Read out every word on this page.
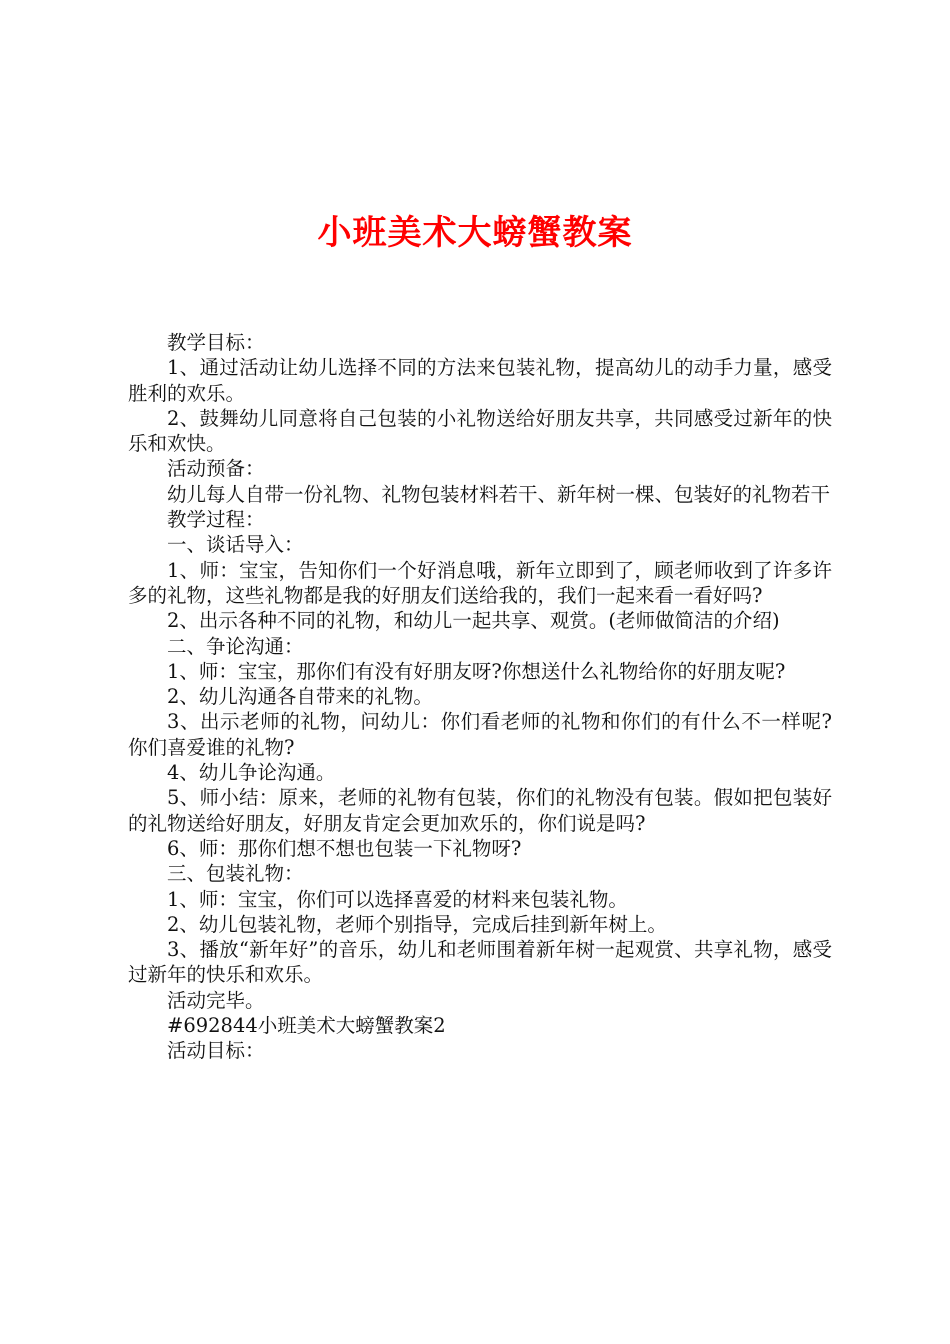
小班美术大螃蟹教案

教学目标：

1、通过活动让幼儿选择不同的方法来包装礼物，提高幼儿的动手力量，感受胜利的欢乐。

2、鼓舞幼儿同意将自己包装的小礼物送给好朋友共享，共同感受过新年的快乐和欢快。

活动预备：

幼儿每人自带一份礼物、礼物包装材料若干、新年树一棵、包装好的礼物若干

教学过程：

一、谈话导入：

1、师：宝宝，告知你们一个好消息哦，新年立即到了，顾老师收到了许多许多的礼物，这些礼物都是我的好朋友们送给我的，我们一起来看一看好吗?

2、出示各种不同的礼物，和幼儿一起共享、观赏。(老师做简洁的介绍)

二、争论沟通：

1、师：宝宝，那你们有没有好朋友呀?你想送什么礼物给你的好朋友呢?

2、幼儿沟通各自带来的礼物。

3、出示老师的礼物，问幼儿：你们看老师的礼物和你们的有什么不一样呢?你们喜爱谁的礼物?

4、幼儿争论沟通。

5、师小结：原来，老师的礼物有包装，你们的礼物没有包装。假如把包装好的礼物送给好朋友，好朋友肯定会更加欢乐的，你们说是吗?

6、师：那你们想不想也包装一下礼物呀?

三、包装礼物：

1、师：宝宝，你们可以选择喜爱的材料来包装礼物。

2、幼儿包装礼物，老师个别指导，完成后挂到新年树上。

3、播放“新年好”的音乐，幼儿和老师围着新年树一起观赏、共享礼物，感受过新年的快乐和欢乐。

活动完毕。

#692844小班美术大螃蟹教案2

活动目标：
